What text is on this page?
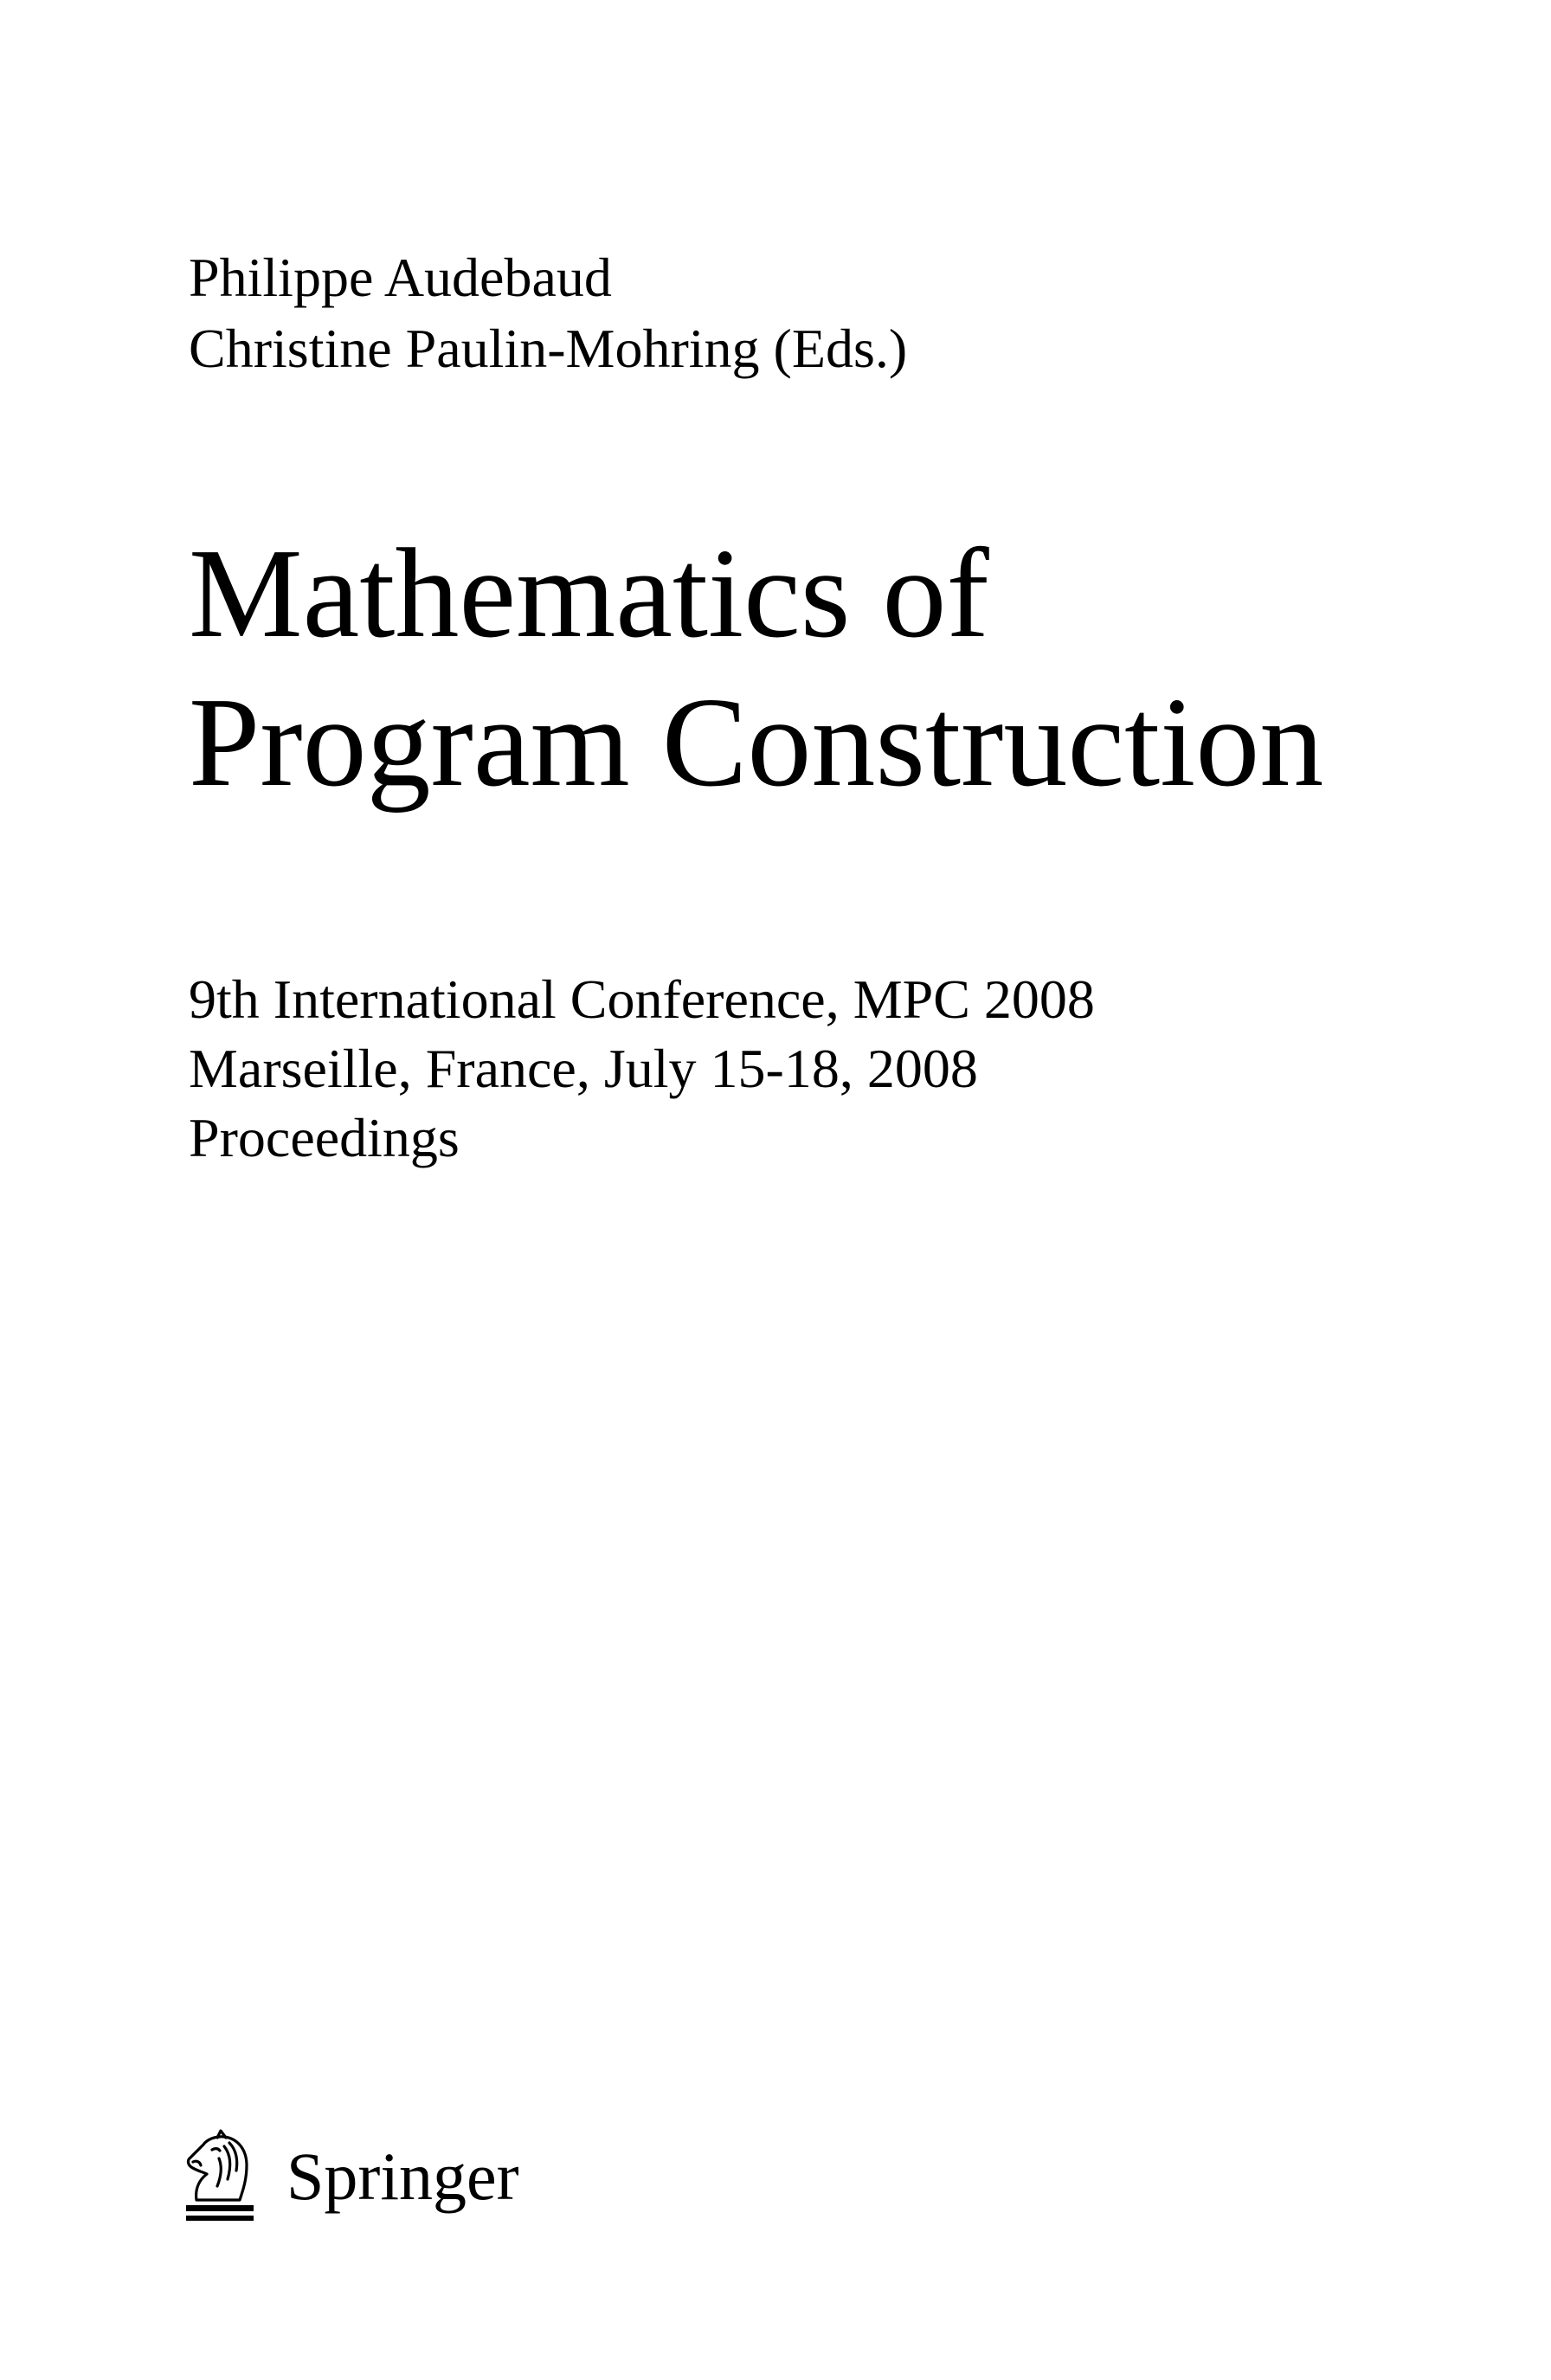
Philippe Audebaud
Christine Paulin-Mohring (Eds.)
Mathematics of
Program Construction
9th International Conference, MPC 2008
Marseille, France, July 15-18, 2008
Proceedings
Springer
